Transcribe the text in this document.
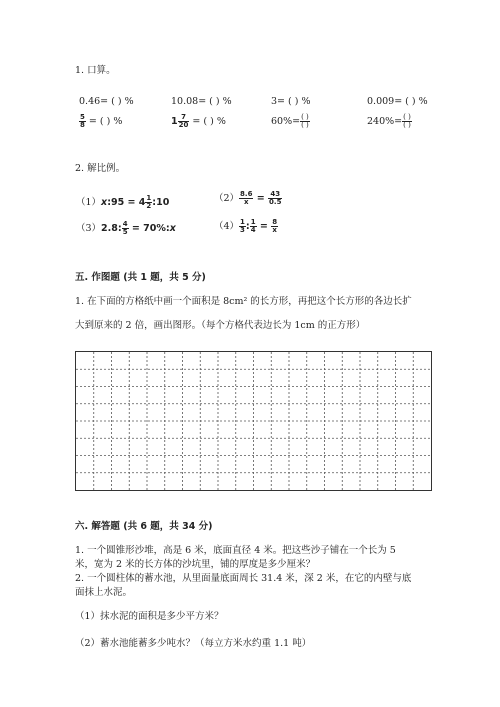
1. 口算。
0.46= ( ) %	10.08= ( ) %	3= ( ) %	0.009= ( ) %
$\frac{5}{8}$ = ( ) %	$1 \frac{7}{20}$ = ( ) %	$60\%= \frac{( )}{( )}$	$240\%= \frac{( )}{( )}$
2. 解比例。
（1）x:95 = $4 \frac{1}{2}$ :10	$(2) \frac{8.6}{x} = \frac{43}{0.5}$
（3）2.8: $\frac{4}{5}$ = 70%:x	$(4) \frac{1}{3}$ : $\frac{1}{4} = \frac{8}{x}$
五. 作图题 (共 1 题，共 5 分)
1. 在下面的方格纸中画一个面积是 8cm² 的长方形，再把这个长方形的各边长扩
大到原来的 2 倍，画出图形。（每个方格代表边长为 1cm 的正方形）
六. 解答题 (共 6 题，共 34 分)
1. 一个圆锥形沙堆，高是 6 米，底面直径 4 米。把这些沙子铺在一个长为 5
米，宽为 2 米的长方体的沙坑里，铺的厚度是多少厘米？
2. 一个圆柱体的蓄水池，从里面量底面周长 31.4 米，深 2 米，在它的内壁与底
面抹上水泥。
（1）抹水泥的面积是多少平方米？
（2）蓄水池能蓄多少吨水？（每立方米水约重 1.1 吨）
